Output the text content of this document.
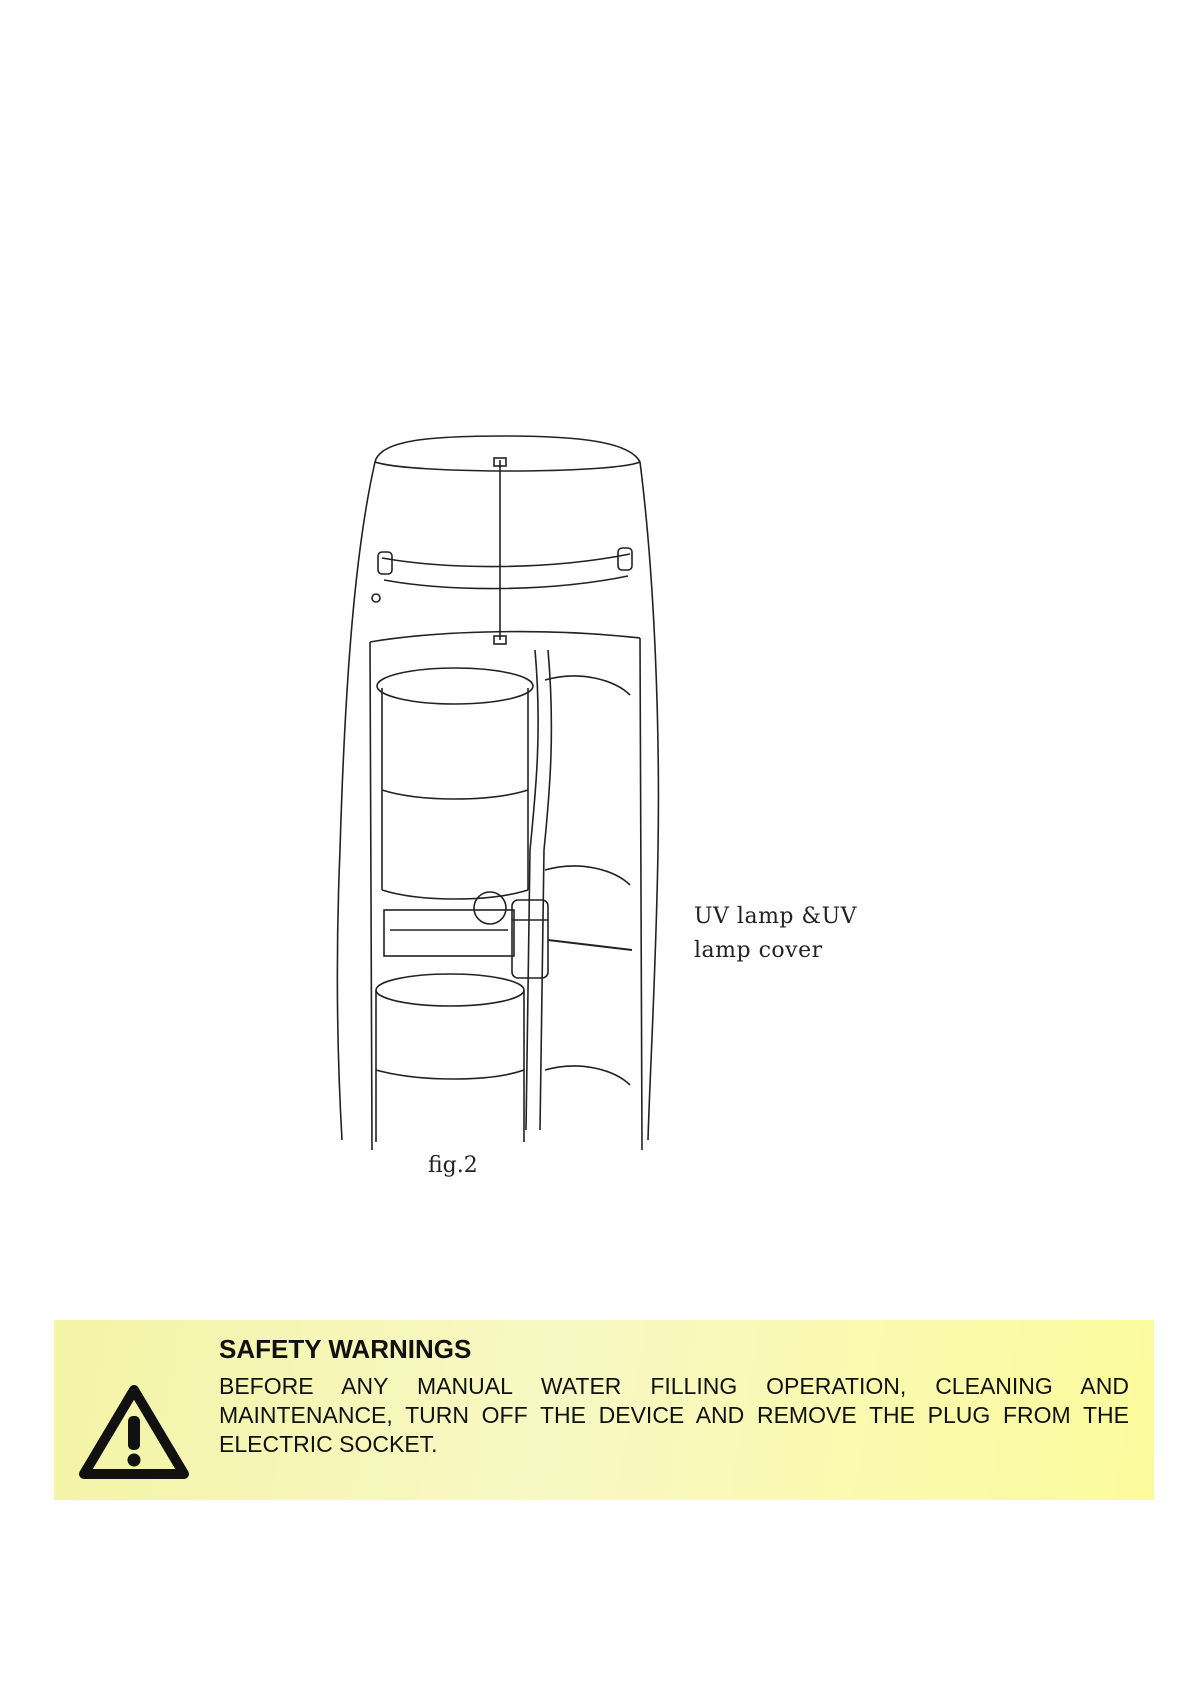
UV lamp &UV
lamp cover
fig.2
SAFETY WARNINGS
BEFORE ANY MANUAL WATER FILLING OPERATION, CLEANING AND MAINTENANCE, TURN OFF THE DEVICE AND REMOVE THE PLUG FROM THE ELECTRIC SOCKET.
